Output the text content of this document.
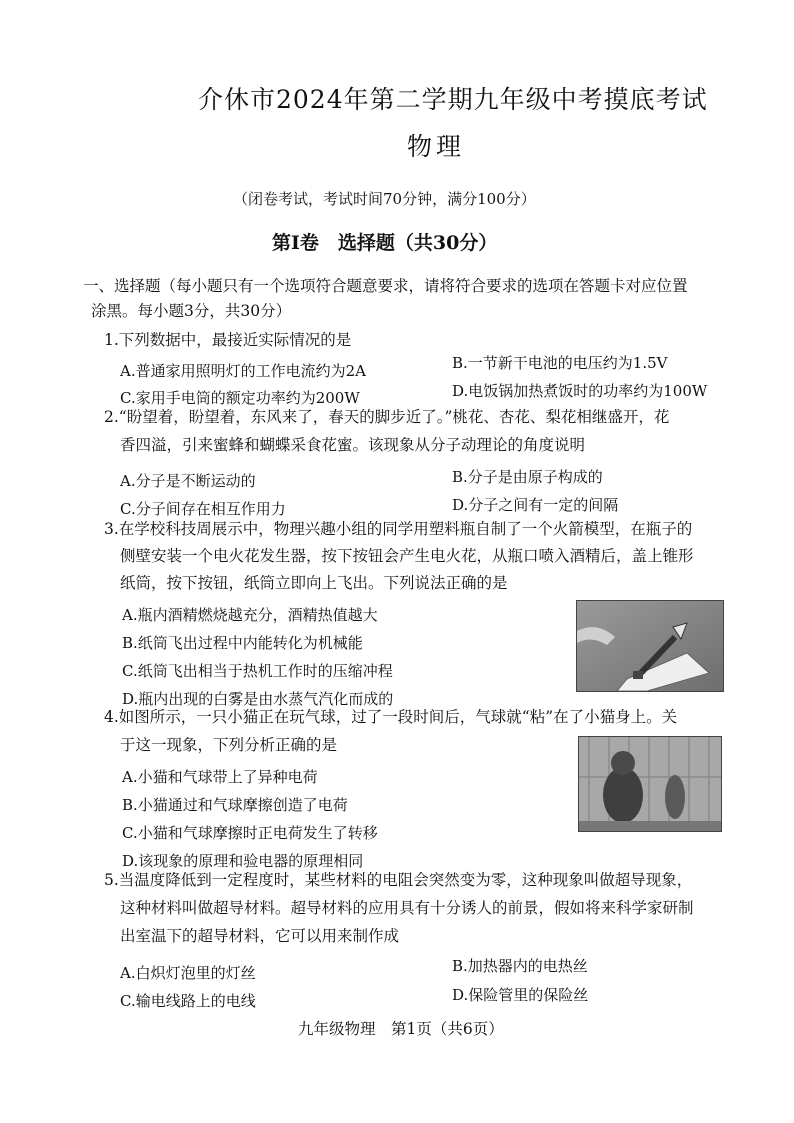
介休市2024年第二学期九年级中考摸底考试
物理
（闭卷考试，考试时间70分钟，满分100分）
第Ⅰ卷　选择题（共30分）
一、选择题（每小题只有一个选项符合题意要求，请将符合要求的选项在答题卡对应位置
涂黑。每小题3分，共30分）
1.下列数据中，最接近实际情况的是
A.普通家用照明灯的工作电流约为2A	B.一节新干电池的电压约为1.5V
C.家用手电筒的额定功率约为200W	D.电饭锅加热煮饭时的功率约为100W
2.“盼望着，盼望着，东风来了，春天的脚步近了。”桃花、杏花、梨花相继盛开，花
香四溢，引来蜜蜂和蝴蝶采食花蜜。该现象从分子动理论的角度说明
A.分子是不断运动的	B.分子是由原子构成的
C.分子间存在相互作用力	D.分子之间有一定的间隔
3.在学校科技周展示中，物理兴趣小组的同学用塑料瓶自制了一个火箭模型，在瓶子的
侧壁安装一个电火花发生器，按下按钮会产生电火花，从瓶口喷入酒精后，盖上锥形
纸筒，按下按钮，纸筒立即向上飞出。下列说法正确的是
A.瓶内酒精燃烧越充分，酒精热值越大
B.纸筒飞出过程中内能转化为机械能
C.纸筒飞出相当于热机工作时的压缩冲程
D.瓶内出现的白雾是由水蒸气汽化而成的
4.如图所示，一只小猫正在玩气球，过了一段时间后，气球就“粘”在了小猫身上。关
于这一现象，下列分析正确的是
A.小猫和气球带上了异种电荷
B.小猫通过和气球摩擦创造了电荷
C.小猫和气球摩擦时正电荷发生了转移
D.该现象的原理和验电器的原理相同
5.当温度降低到一定程度时，某些材料的电阻会突然变为零，这种现象叫做超导现象，
这种材料叫做超导材料。超导材料的应用具有十分诱人的前景，假如将来科学家研制
出室温下的超导材料，它可以用来制作成
A.白炽灯泡里的灯丝	B.加热器内的电热丝
C.输电线路上的电线	D.保险管里的保险丝
九年级物理　第1页（共6页）
